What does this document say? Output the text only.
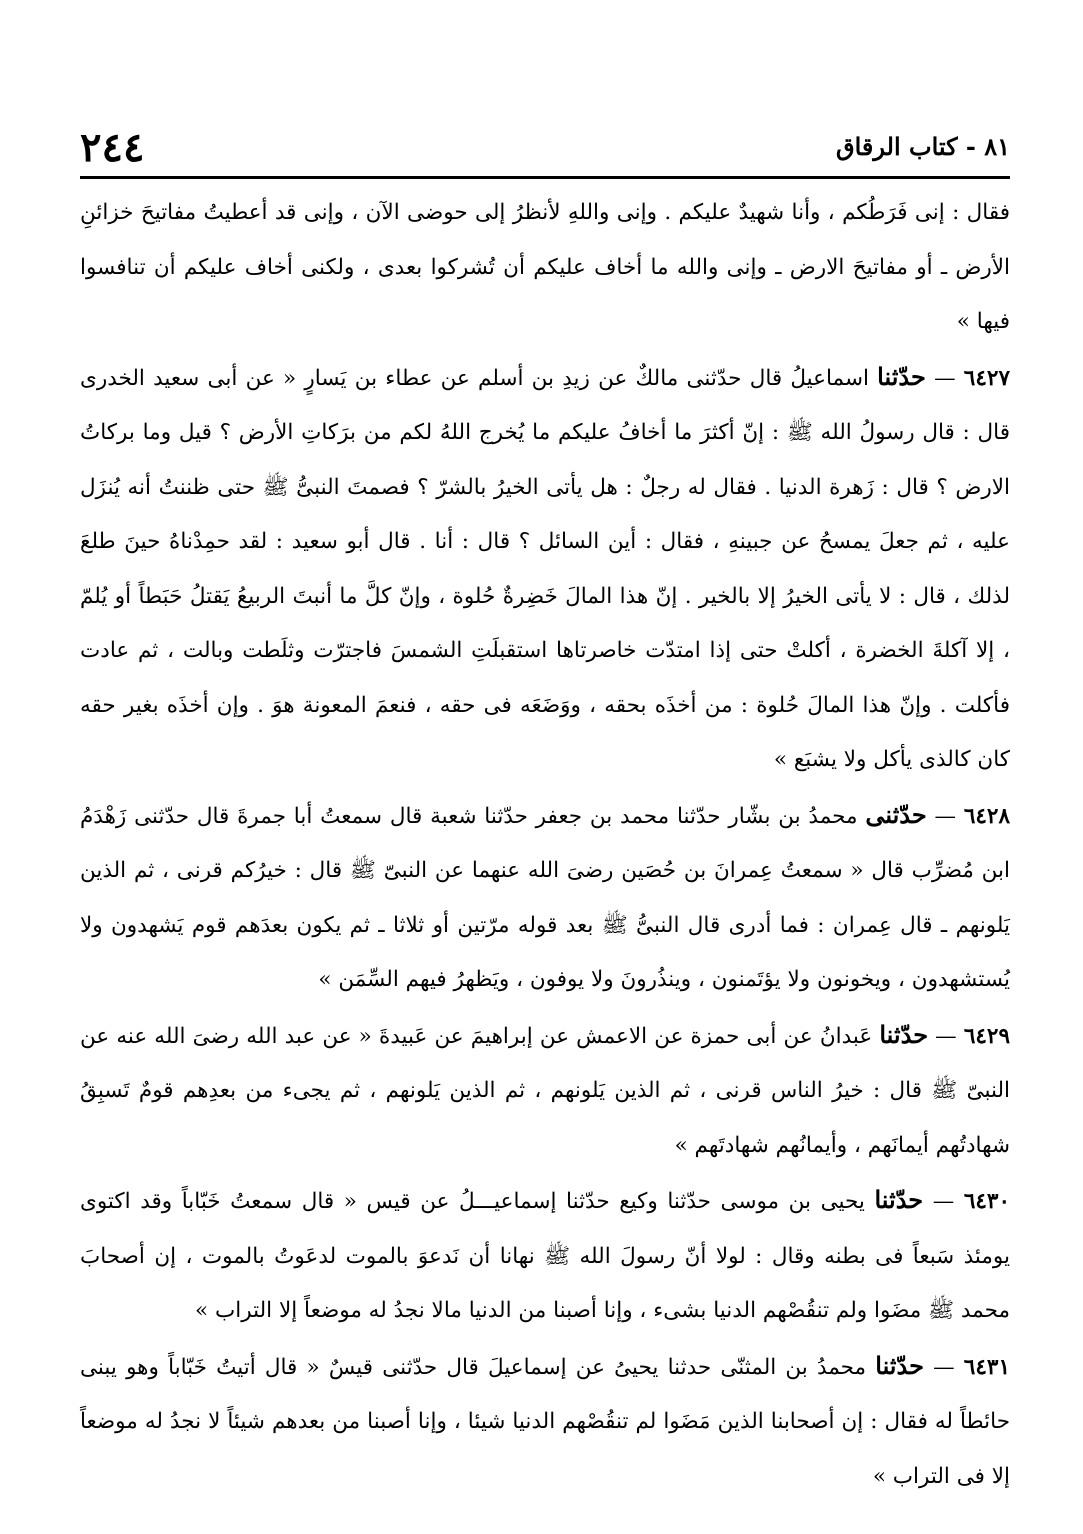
٢٤٤	٨١ - كتاب الرقاق

فقال : إنى فَرَطُكم ، وأنا شهيدٌ عليكم . وإنى واللهِ لأنظرُ إلى حوضى الآن ، وإنى قد أعطيتُ مفاتيحَ خزائنِ الأرض ـ أو مفاتيحَ الارض ـ وإنى والله ما أخاف عليكم أن تُشركوا بعدى ، ولكنى أخاف عليكم أن تنافسوا فيها »

٦٤٢٧ — حدّثنا اسماعيلُ قال حدّثنى مالكٌ عن زيدِ بن أسلم عن عطاء بن يَسارٍ « عن أبى سعيد الخدرى قال : قال رسولُ الله ﷺ : إنّ أكثرَ ما أخافُ عليكم ما يُخرج اللهُ لكم من برَكاتِ الأرض ؟ قيل وما بركاتُ الارض ؟ قال : زَهرة الدنيا . فقال له رجلٌ : هل يأتى الخيرُ بالشرّ ؟ فصمتَ النبىُّ ﷺ حتى ظننتُ أنه يُنزَل عليه ، ثم جعلَ يمسحُ عن جبينهِ ، فقال : أين السائل ؟ قال : أنا . قال أبو سعيد : لقد حمِدْناهُ حينَ طلعَ لذلك ، قال : لا يأتى الخيرُ إلا بالخير . إنّ هذا المالَ خَضِرةٌ حُلوة ، وإنّ كلَّ ما أنبتَ الربيعُ يَقتلُ حَبَطاً أو يُلمّ ، إلا آكلةَ الخضرة ، أكلتْ حتى إذا امتدّت خاصرتاها استقبلَتِ الشمسَ فاجترّت وثلَطت وبالت ، ثم عادت فأكلت . وإنّ هذا المالَ حُلوة : من أخذَه بحقه ، ووَضَعَه فى حقه ، فنعمَ المعونة هوَ . وإن أخذَه بغير حقه كان كالذى يأكل ولا يشبَع »

٦٤٢٨ — حدّثنى محمدُ بن بشّار حدّثنا محمد بن جعفر حدّثنا شعبة قال سمعتُ أبا جمرةَ قال حدّثنى زَهْدَمُ ابن مُضرِّب قال « سمعتُ عِمرانَ بن حُصَين رضىَ الله عنهما عن النبىّ ﷺ قال : خيرُكم قرنى ، ثم الذين يَلونهم ـ قال عِمران : فما أدرى قال النبىُّ ﷺ بعد قوله مرّتين أو ثلاثا ـ ثم يكون بعدَهم قوم يَشهدون ولا يُستشهدون ، ويخونون ولا يؤتَمنون ، وينذُرونَ ولا يوفون ، ويَظهرُ فيهم السِّمَن »

٦٤٢٩ — حدّثنا عَبدانُ عن أبى حمزة عن الاعمش عن إبراهيمَ عن عَبيدةَ « عن عبد الله رضىَ الله عنه عن النبىّ ﷺ قال : خيرُ الناس قرنى ، ثم الذين يَلونهم ، ثم الذين يَلونهم ، ثم يجىء من بعدِهم قومٌ تَسبِقُ شهادتُهم أيمانَهم ، وأيمانُهم شهادتَهم »

٦٤٣٠ — حدّثنا يحيى بن موسى حدّثنا وكيع حدّثنا إسماعيـــلُ عن قيس « قال سمعتُ خَبّاباً وقد اكتوى يومئذ سَبعاً فى بطنه وقال : لولا أنّ رسولَ الله ﷺ نهانا أن نَدعوَ بالموت لدعَوتُ بالموت ، إن أصحابَ محمد ﷺ مضَوا ولم تنقُصْهم الدنيا بشىء ، وإنا أصبنا من الدنيا مالا نجدُ له موضعاً إلا التراب »

٦٤٣١ — حدّثنا محمدُ بن المثنّى حدثنا يحيىُ عن إسماعيلَ قال حدّثنى قيسٌ « قال أتيتُ خَبّاباً وهو يبنى حائطاً له فقال : إن أصحابنا الذين مَضَوا لم تنقُصْهم الدنيا شيئا ، وإنا أصبنا من بعدهم شيئاً لا نجدُ له موضعاً إلا فى التراب »
